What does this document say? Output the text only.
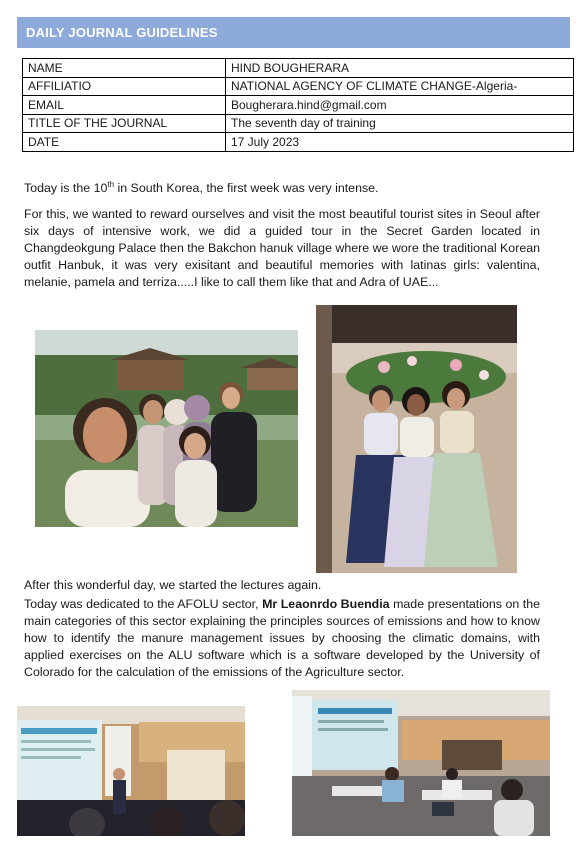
DAILY JOURNAL GUIDELINES
NAME	HIND BOUGHERARA
AFFILIATIO	NATIONAL AGENCY OF CLIMATE CHANGE-Algeria-
EMAIL	Bougherara.hind@gmail.com
TITLE OF THE JOURNAL	The seventh day of training
DATE	17 July 2023

Today is the 10th in South Korea, the first week was very intense.

For this, we wanted to reward ourselves and visit the most beautiful tourist sites in Seoul after six days of intensive work, we did a guided tour in the Secret Garden located in Changdeokgung Palace then the Bakchon hanuk village where we wore the traditional Korean outfit Hanbuk, it was very exisitant and beautiful memories with latinas girls: valentina, melanie, pamela and terriza.....I like to call them like that and Adra of UAE...

After this wonderful day, we started the lectures again.

Today was dedicated to the AFOLU sector, Mr Leaonrdo Buendia made presentations on the main categories of this sector explaining the principles sources of emissions and how to know how to identify the manure management issues by choosing the climatic domains, with applied exercises on the ALU software which is a software developed by the University of Colorado for the calculation of the emissions of the Agriculture sector.
